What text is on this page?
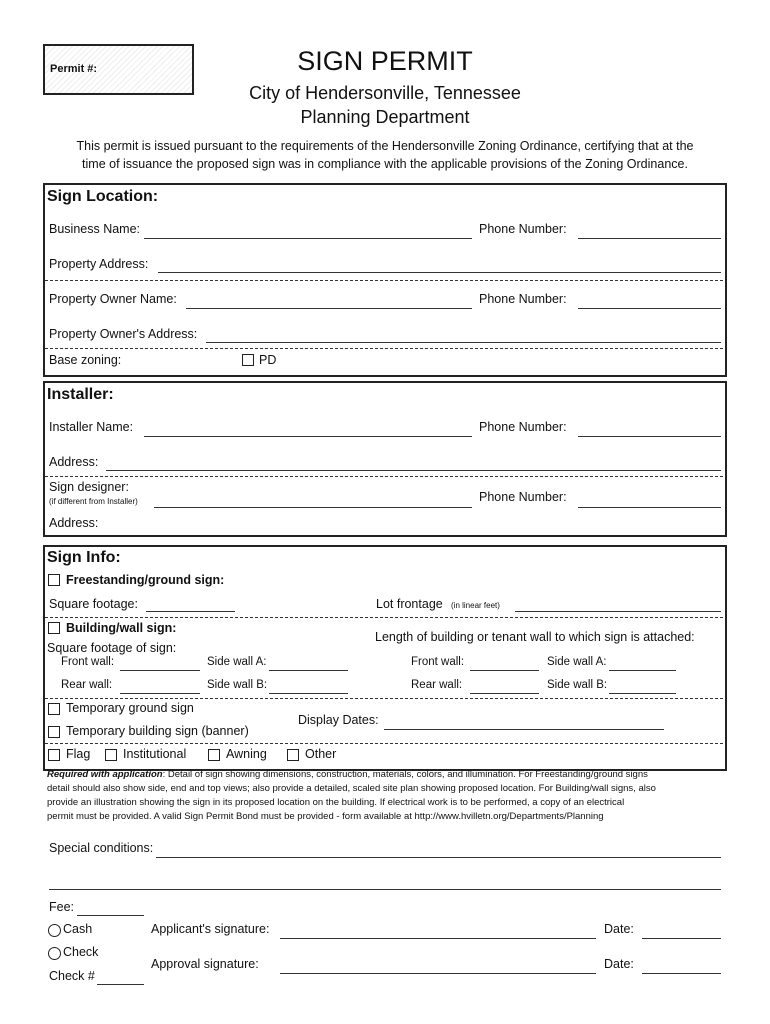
Permit #:	SIGN PERMIT
City of Hendersonville, Tennessee
Planning Department
This permit is issued pursuant to the requirements of the Hendersonville Zoning Ordinance, certifying that at the
time of issuance the proposed sign was in compliance with the applicable provisions of the Zoning Ordinance.
Sign Location:
Business Name:	Phone Number:
Property Address:
Property Owner Name:	Phone Number:
Property Owner's Address:
Base zoning:	PD
Installer:
Installer Name:	Phone Number:
Address:
Sign designer:
(if different from Installer)	Phone Number:
Address:
Sign Info:
Freestanding/ground sign:
Square footage:	Lot frontage (in linear feet)
Building/wall sign:
Length of building or tenant wall to which sign is attached:
Square footage of sign:
Front wall:	Side wall A:	Front wall:	Side wall A:
Rear wall:	Side wall B:	Rear wall:	Side wall B:
Temporary ground sign
Temporary building sign (banner)
Display Dates:
Flag	Institutional	Awning	Other
Required with application: Detail of sign showing dimensions, construction, materials, colors, and illumination. For Freestanding/ground signs
detail should also show side, end and top views; also provide a detailed, scaled site plan showing proposed location. For Building/wall signs, also
provide an illustration showing the sign in its proposed location on the building. If electrical work is to be performed, a copy of an electrical
permit must be provided. A valid Sign Permit Bond must be provided - form available at http://www.hvilletn.org/Departments/Planning
Special conditions:
Fee:
Cash
Check
Check #
Applicant's signature:	Date:
Approval signature:	Date:
